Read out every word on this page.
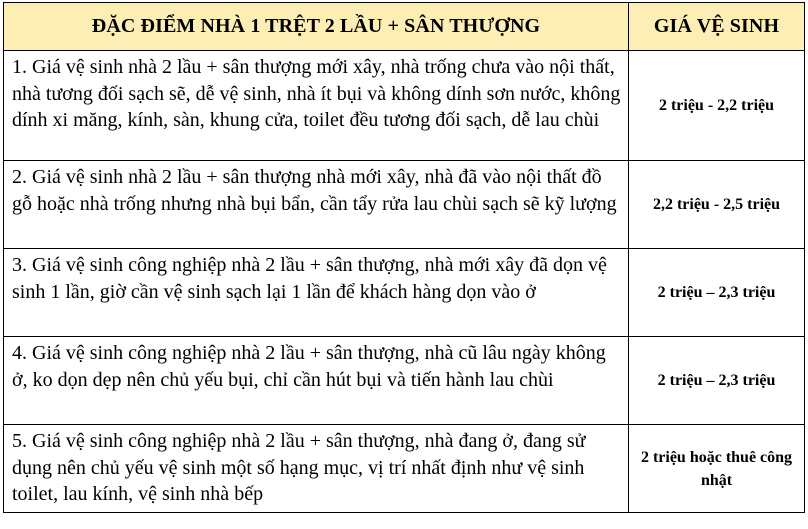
ĐẶC ĐIỂM NHÀ 1 TRỆT 2 LẦU + SÂN THƯỢNG	GIÁ VỆ SINH
1. Giá vệ sinh nhà 2 lầu + sân thượng mới xây, nhà trống chưa vào nội thất, nhà tương đối sạch sẽ, dễ vệ sinh, nhà ít bụi và không dính sơn nước, không dính xi măng, kính, sàn, khung cửa, toilet đều tương đối sạch, dễ lau chùi	2 triệu - 2,2 triệu
2. Giá vệ sinh nhà 2 lầu + sân thượng nhà mới xây, nhà đã vào nội thất đồ gỗ hoặc nhà trống nhưng nhà bụi bẩn, cần tẩy rửa lau chùi sạch sẽ kỹ lượng	2,2 triệu - 2,5 triệu
3. Giá vệ sinh công nghiệp nhà 2 lầu + sân thượng, nhà mới xây đã dọn vệ sinh 1 lần, giờ cần vệ sinh sạch lại 1 lần để khách hàng dọn vào ở	2 triệu – 2,3 triệu
4. Giá vệ sinh công nghiệp nhà 2 lầu + sân thượng, nhà cũ lâu ngày không ở, ko dọn dẹp nên chủ yếu bụi, chỉ cần hút bụi và tiến hành lau chùi	2 triệu – 2,3 triệu
5. Giá vệ sinh công nghiệp nhà 2 lầu + sân thượng, nhà đang ở, đang sử dụng nên chủ yếu vệ sinh một số hạng mục, vị trí nhất định như vệ sinh toilet, lau kính, vệ sinh nhà bếp	2 triệu hoặc thuê công nhật
